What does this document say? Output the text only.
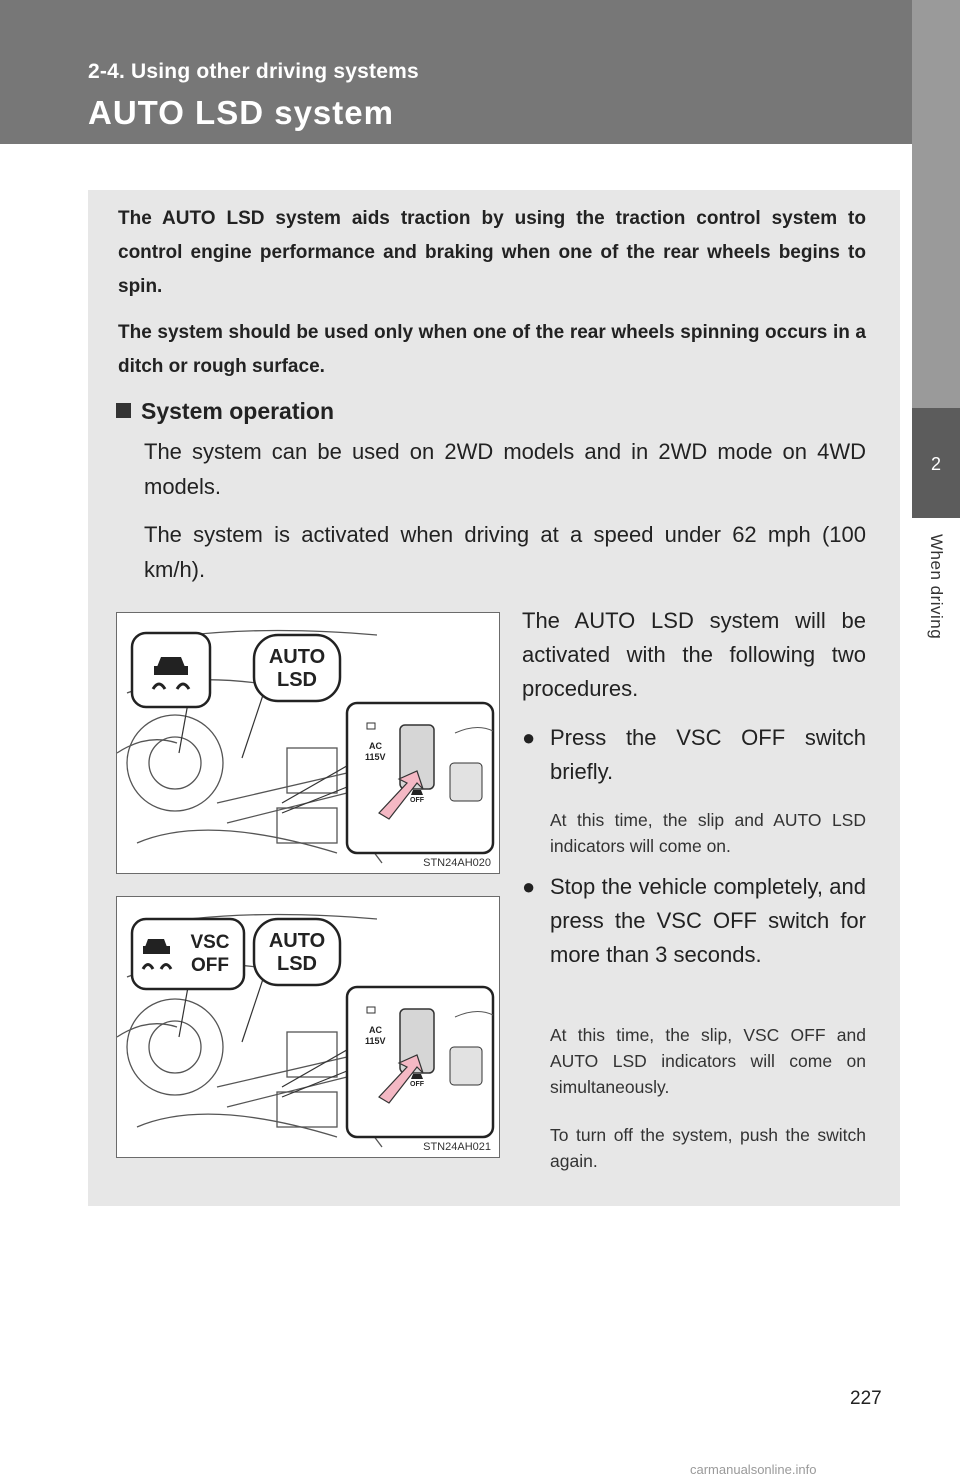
2-4. Using other driving systems
AUTO LSD system
2
When driving

The AUTO LSD system aids traction by using the traction control system to control engine performance and braking when one of the rear wheels begins to spin.

The system should be used only when one of the rear wheels spinning occurs in a ditch or rough surface.

System operation

The system can be used on 2WD models and in 2WD mode on 4WD models.

The system is activated when driving at a speed under 62 mph (100 km/h).

The AUTO LSD system will be activated with the following two procedures.

● Press the VSC OFF switch briefly.

At this time, the slip and AUTO LSD indicators will come on.

● Stop the vehicle completely, and press the VSC OFF switch for more than 3 seconds.

At this time, the slip, VSC OFF and AUTO LSD indicators will come on simultaneously.

To turn off the system, push the switch again.

AUTO
LSD
AC
115V
OFF
STN24AH020
VSC
OFF
AUTO
LSD
AC
115V
OFF
STN24AH021
227
carmanualsonline.info
